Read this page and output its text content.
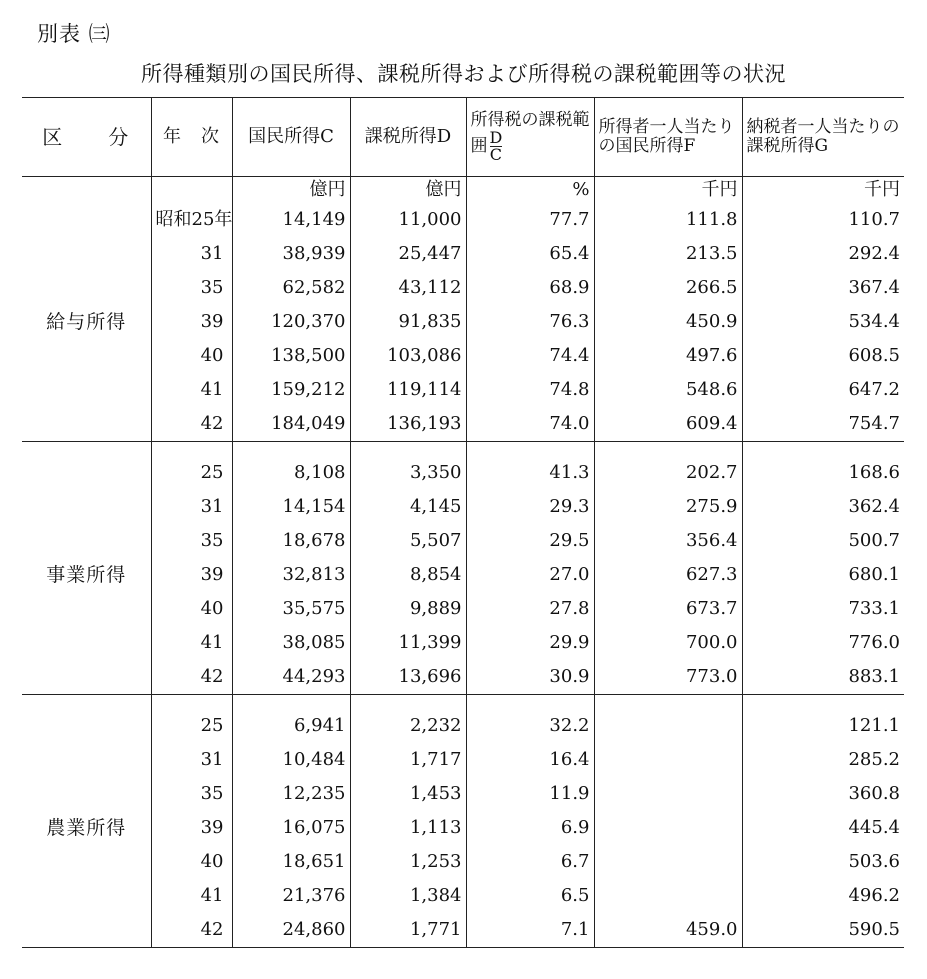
別表 ㈢
所得種類別の国民所得、課税所得および所得税の課税範囲等の状況
区　　分	年　次	国民所得C	課税所得D	所得税の課税範囲 $\frac{D}{C}$	所得者一人当たりの国民所得F	納税者一人当たりの課税所得G
		億円	億円	%	千円	千円
給与所得	昭和25年	14,149	11,000	77.7	111.8	110.7
	31	38,939	25,447	65.4	213.5	292.4
	35	62,582	43,112	68.9	266.5	367.4
	39	120,370	91,835	76.3	450.9	534.4
	40	138,500	103,086	74.4	497.6	608.5
	41	159,212	119,114	74.8	548.6	647.2
	42	184,049	136,193	74.0	609.4	754.7

事業所得	25	8,108	3,350	41.3	202.7	168.6
	31	14,154	4,145	29.3	275.9	362.4
	35	18,678	5,507	29.5	356.4	500.7
	39	32,813	8,854	27.0	627.3	680.1
	40	35,575	9,889	27.8	673.7	733.1
	41	38,085	11,399	29.9	700.0	776.0
	42	44,293	13,696	30.9	773.0	883.1

農業所得	25	6,941	2,232	32.2		121.1
	31	10,484	1,717	16.4		285.2
	35	12,235	1,453	11.9		360.8
	39	16,075	1,113	6.9		445.4
	40	18,651	1,253	6.7		503.6
	41	21,376	1,384	6.5		496.2
	42	24,860	1,771	7.1	459.0	590.5
